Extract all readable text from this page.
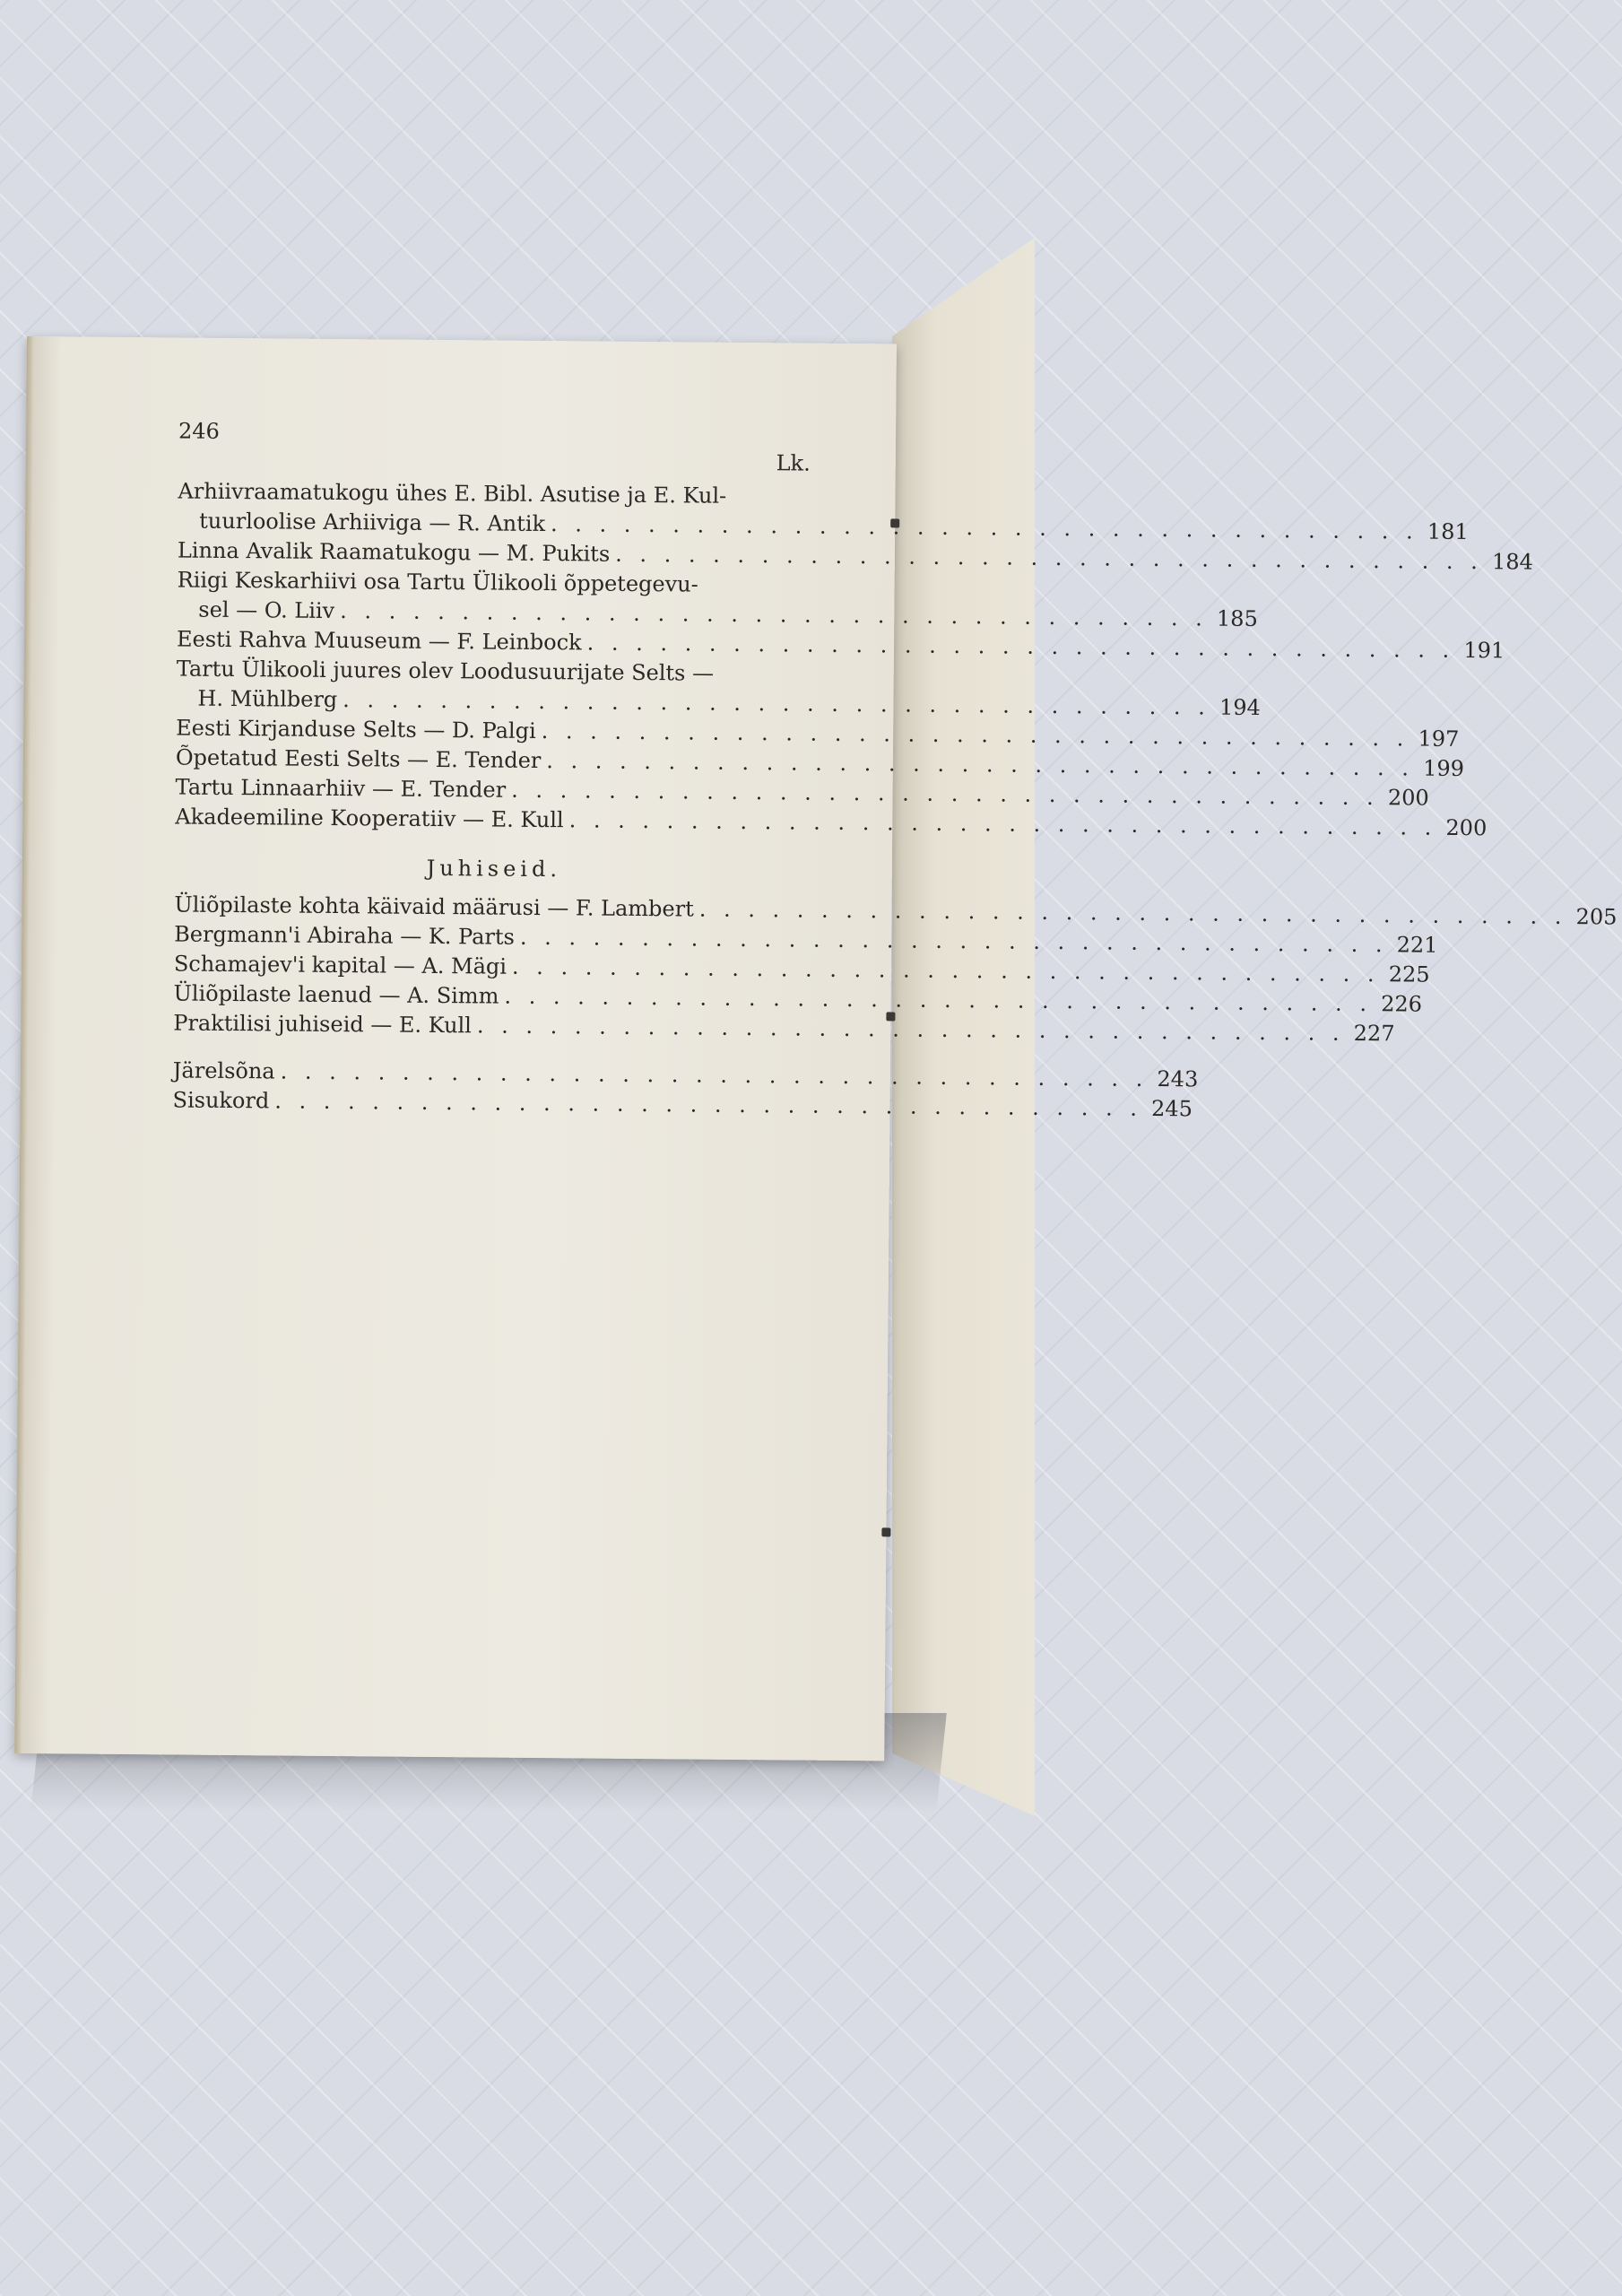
246
Lk.
Arhiivraamatukogu ühes E. Bibl. Asutise ja E. Kul-
tuurloolise Arhiiviga — R. Antik . . . . . . . . . . . . . . . . . . . . . . . . . . . . . . . . . . . . 181
Linna Avalik Raamatukogu — M. Pukits . . . . . . . . . . . . . . . . . . . . . . . . . . . . . . . . . . . . 184
Riigi Keskarhiivi osa Tartu Ülikooli õppetegevu-
sel — O. Liiv . . . . . . . . . . . . . . . . . . . . . . . . . . . . . . . . . . . . 185
Eesti Rahva Muuseum — F. Leinbock . . . . . . . . . . . . . . . . . . . . . . . . . . . . . . . . . . . . 191
Tartu Ülikooli juures olev Loodusuurijate Selts —
H. Mühlberg . . . . . . . . . . . . . . . . . . . . . . . . . . . . . . . . . . . . 194
Eesti Kirjanduse Selts — D. Palgi . . . . . . . . . . . . . . . . . . . . . . . . . . . . . . . . . . . . 197
Õpetatud Eesti Selts — E. Tender . . . . . . . . . . . . . . . . . . . . . . . . . . . . . . . . . . . . 199
Tartu Linnaarhiiv — E. Tender . . . . . . . . . . . . . . . . . . . . . . . . . . . . . . . . . . . . 200
Akadeemiline Kooperatiiv — E. Kull . . . . . . . . . . . . . . . . . . . . . . . . . . . . . . . . . . . . 200
Juhiseid.
Üliõpilaste kohta käivaid määrusi — F. Lambert . . . . . . . . . . . . . . . . . . . . . . . . . . . . . . . . . . . . 205
Bergmann'i Abiraha — K. Parts . . . . . . . . . . . . . . . . . . . . . . . . . . . . . . . . . . . . 221
Schamajev'i kapital — A. Mägi . . . . . . . . . . . . . . . . . . . . . . . . . . . . . . . . . . . . 225
Üliõpilaste laenud — A. Simm . . . . . . . . . . . . . . . . . . . . . . . . . . . . . . . . . . . . 226
Praktilisi juhiseid — E. Kull . . . . . . . . . . . . . . . . . . . . . . . . . . . . . . . . . . . . 227
Järelsõna . . . . . . . . . . . . . . . . . . . . . . . . . . . . . . . . . . . . 243
Sisukord . . . . . . . . . . . . . . . . . . . . . . . . . . . . . . . . . . . . 245
